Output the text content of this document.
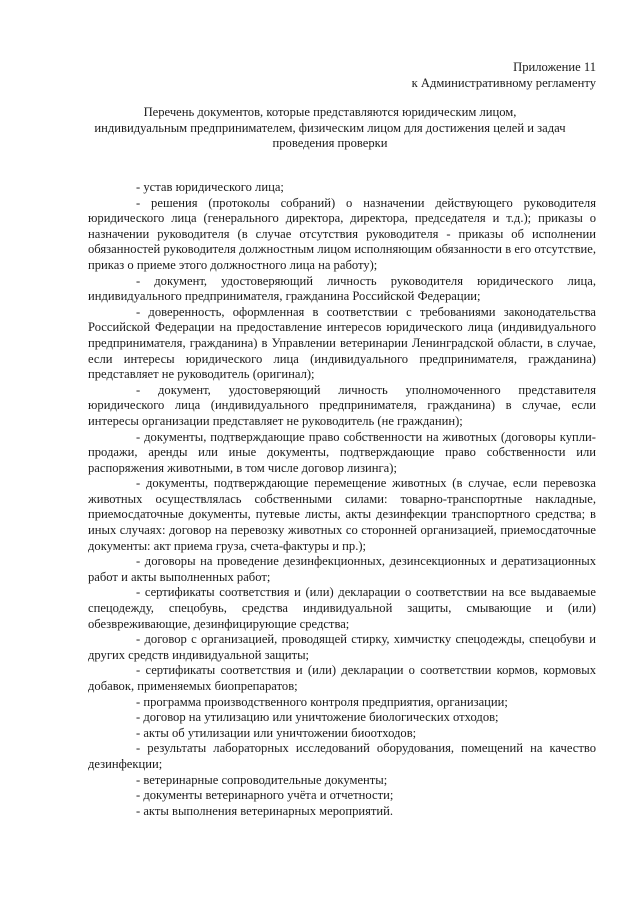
Приложение 11
к Административному регламенту
Перечень документов, которые представляются юридическим лицом,
индивидуальным предпринимателем, физическим лицом для достижения целей и задач
проведения проверки

- устав юридического лица;

- решения (протоколы собраний) о назначении действующего руководителя юридического лица (генерального директора, директора, председателя и т.д.); приказы о назначении руководителя (в случае отсутствия руководителя - приказы об исполнении обязанностей руководителя должностным лицом исполняющим обязанности в его отсутствие, приказ о приеме этого должностного лица на работу);

- документ, удостоверяющий личность руководителя юридического лица, индивидуального предпринимателя, гражданина Российской Федерации;

- доверенность, оформленная в соответствии с требованиями законодательства Российской Федерации на предоставление интересов юридического лица (индивидуального предпринимателя, гражданина) в Управлении ветеринарии Ленинградской области, в случае, если интересы юридического лица (индивидуального предпринимателя, гражданина) представляет не руководитель (оригинал);

- документ, удостоверяющий личность уполномоченного представителя юридического лица (индивидуального предпринимателя, гражданина) в случае, если интересы организации представляет не руководитель (не гражданин);

- документы, подтверждающие право собственности на животных (договоры купли-продажи, аренды или иные документы, подтверждающие право собственности или распоряжения животными, в том числе договор лизинга);

- документы, подтверждающие перемещение животных (в случае, если перевозка животных осуществлялась собственными силами: товарно-транспортные накладные, приемосдаточные документы, путевые листы, акты дезинфекции транспортного средства; в иных случаях: договор на перевозку животных со сторонней организацией, приемосдаточные документы: акт приема груза, счета-фактуры и пр.);

- договоры на проведение дезинфекционных, дезинсекционных и дератизационных работ и акты выполненных работ;

- сертификаты соответствия и (или) декларации о соответствии на все выдаваемые спецодежду, спецобувь, средства индивидуальной защиты, смывающие и (или) обезвреживающие, дезинфицирующие средства;

- договор с организацией, проводящей стирку, химчистку спецодежды, спецобуви и других средств индивидуальной защиты;

- сертификаты соответствия и (или) декларации о соответствии кормов, кормовых добавок, применяемых биопрепаратов;

- программа производственного контроля предприятия, организации;

- договор на утилизацию или уничтожение биологических отходов;

- акты об утилизации или уничтожении биоотходов;

- результаты лабораторных исследований оборудования, помещений на качество дезинфекции;

- ветеринарные сопроводительные документы;

- документы ветеринарного учёта и отчетности;

- акты выполнения ветеринарных мероприятий.
